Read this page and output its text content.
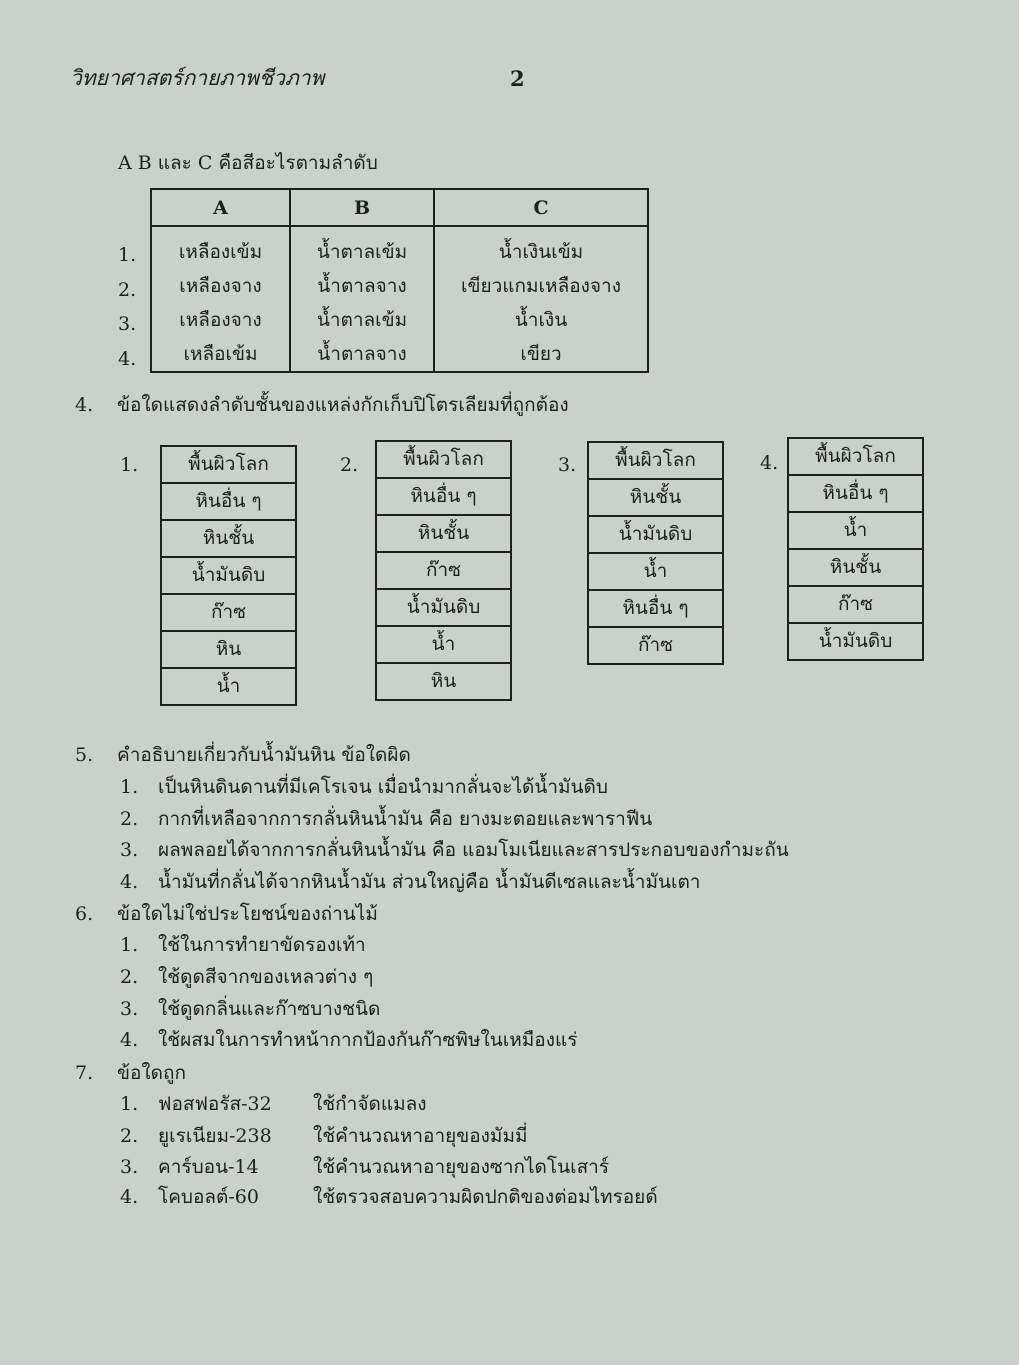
วิทยาศาสตร์กายภาพชีวภาพ	2
A B และ C คือสีอะไรตามลำดับ
1.
2.
3.
4.
A	B	C
เหลืองเข้ม	น้ำตาลเข้ม	น้ำเงินเข้ม
เหลืองจาง	น้ำตาลจาง	เขียวแกมเหลืองจาง
เหลืองจาง	น้ำตาลเข้ม	น้ำเงิน
เหลือเข้ม	น้ำตาลจาง	เขียว
4. ข้อใดแสดงลำดับชั้นของแหล่งกักเก็บปิโตรเลียมที่ถูกต้อง
1.	พื้นผิวโลก
หินอื่น ๆ
หินชั้น
น้ำมันดิบ
ก๊าซ
หิน
น้ำ
2.	พื้นผิวโลก
หินอื่น ๆ
หินชั้น
ก๊าซ
น้ำมันดิบ
น้ำ
หิน
3.	พื้นผิวโลก
หินชั้น
น้ำมันดิบ
น้ำ
หินอื่น ๆ
ก๊าซ
4.	พื้นผิวโลก
หินอื่น ๆ
น้ำ
หินชั้น
ก๊าซ
น้ำมันดิบ
5. คำอธิบายเกี่ยวกับน้ำมันหิน ข้อใดผิด
1. เป็นหินดินดานที่มีเคโรเจน เมื่อนำมากลั่นจะได้น้ำมันดิบ
2. กากที่เหลือจากการกลั่นหินน้ำมัน คือ ยางมะตอยและพาราฟีน
3. ผลพลอยได้จากการกลั่นหินน้ำมัน คือ แอมโมเนียและสารประกอบของกำมะถัน
4. น้ำมันที่กลั่นได้จากหินน้ำมัน ส่วนใหญ่คือ น้ำมันดีเซลและน้ำมันเตา
6. ข้อใดไม่ใช่ประโยชน์ของถ่านไม้
1. ใช้ในการทำยาขัดรองเท้า
2. ใช้ดูดสีจากของเหลวต่าง ๆ
3. ใช้ดูดกลิ่นและก๊าซบางชนิด
4. ใช้ผสมในการทำหน้ากากป้องกันก๊าซพิษในเหมืองแร่
7. ข้อใดถูก
1. ฟอสฟอรัส-32 ใช้กำจัดแมลง
2. ยูเรเนียม-238 ใช้คำนวณหาอายุของมัมมี่
3. คาร์บอน-14	ใช้คำนวณหาอายุของซากไดโนเสาร์
4. โคบอลต์-60	ใช้ตรวจสอบความผิดปกติของต่อมไทรอยด์
